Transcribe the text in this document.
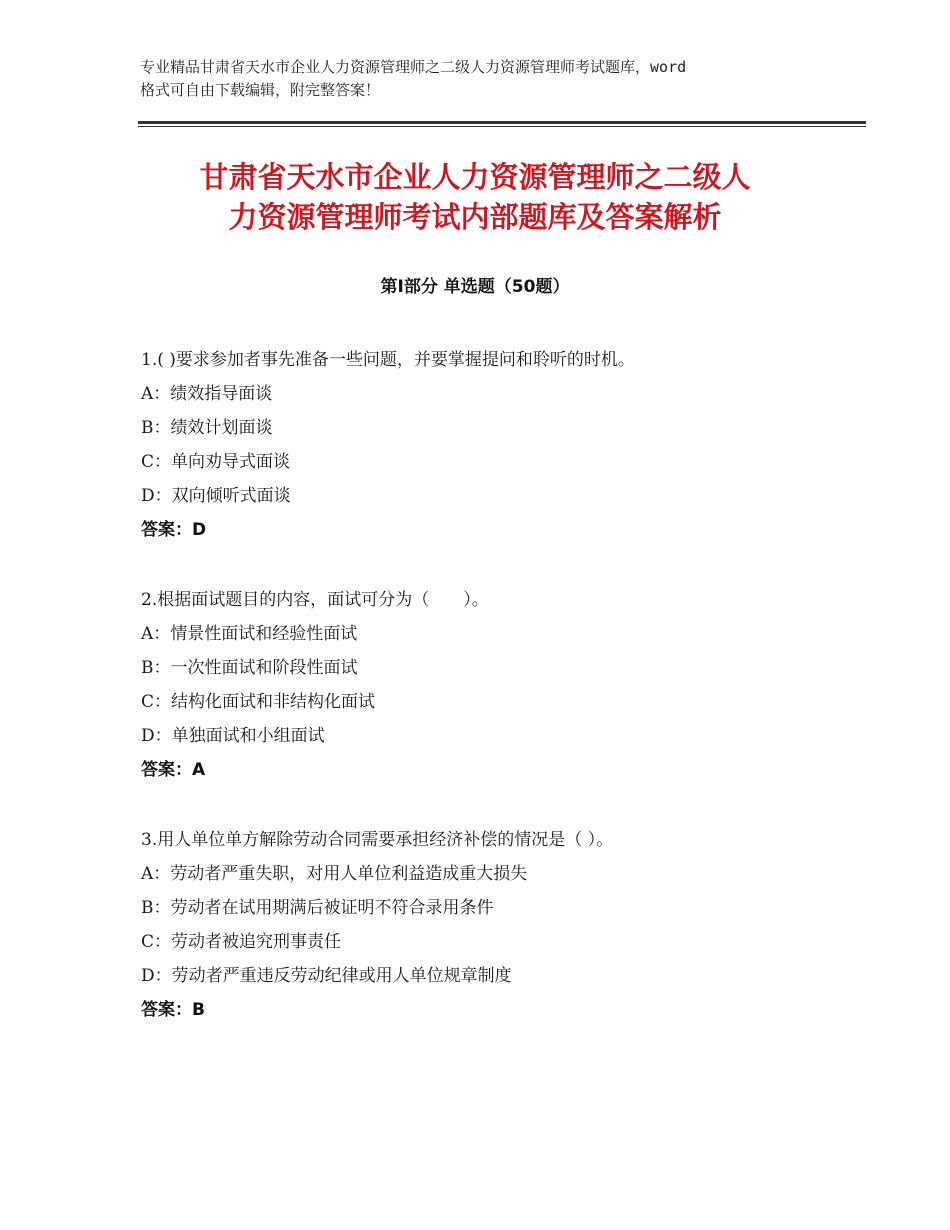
专业精品甘肃省天水市企业人力资源管理师之二级人力资源管理师考试题库，word

格式可自由下载编辑，附完整答案！

甘肃省天水市企业人力资源管理师之二级人
力资源管理师考试内部题库及答案解析
第Ⅰ部分 单选题（50题）

1.( )要求参加者事先准备一些问题，并要掌握提问和聆听的时机。

A：绩效指导面谈

B：绩效计划面谈

C：单向劝导式面谈

D：双向倾听式面谈

答案：D

2.根据面试题目的内容，面试可分为（　　）。

A：情景性面试和经验性面试

B：一次性面试和阶段性面试

C：结构化面试和非结构化面试

D：单独面试和小组面试

答案：A

3.用人单位单方解除劳动合同需要承担经济补偿的情况是（ ）。

A：劳动者严重失职，对用人单位利益造成重大损失

B：劳动者在试用期满后被证明不符合录用条件

C：劳动者被追究刑事责任

D：劳动者严重违反劳动纪律或用人单位规章制度

答案：B
